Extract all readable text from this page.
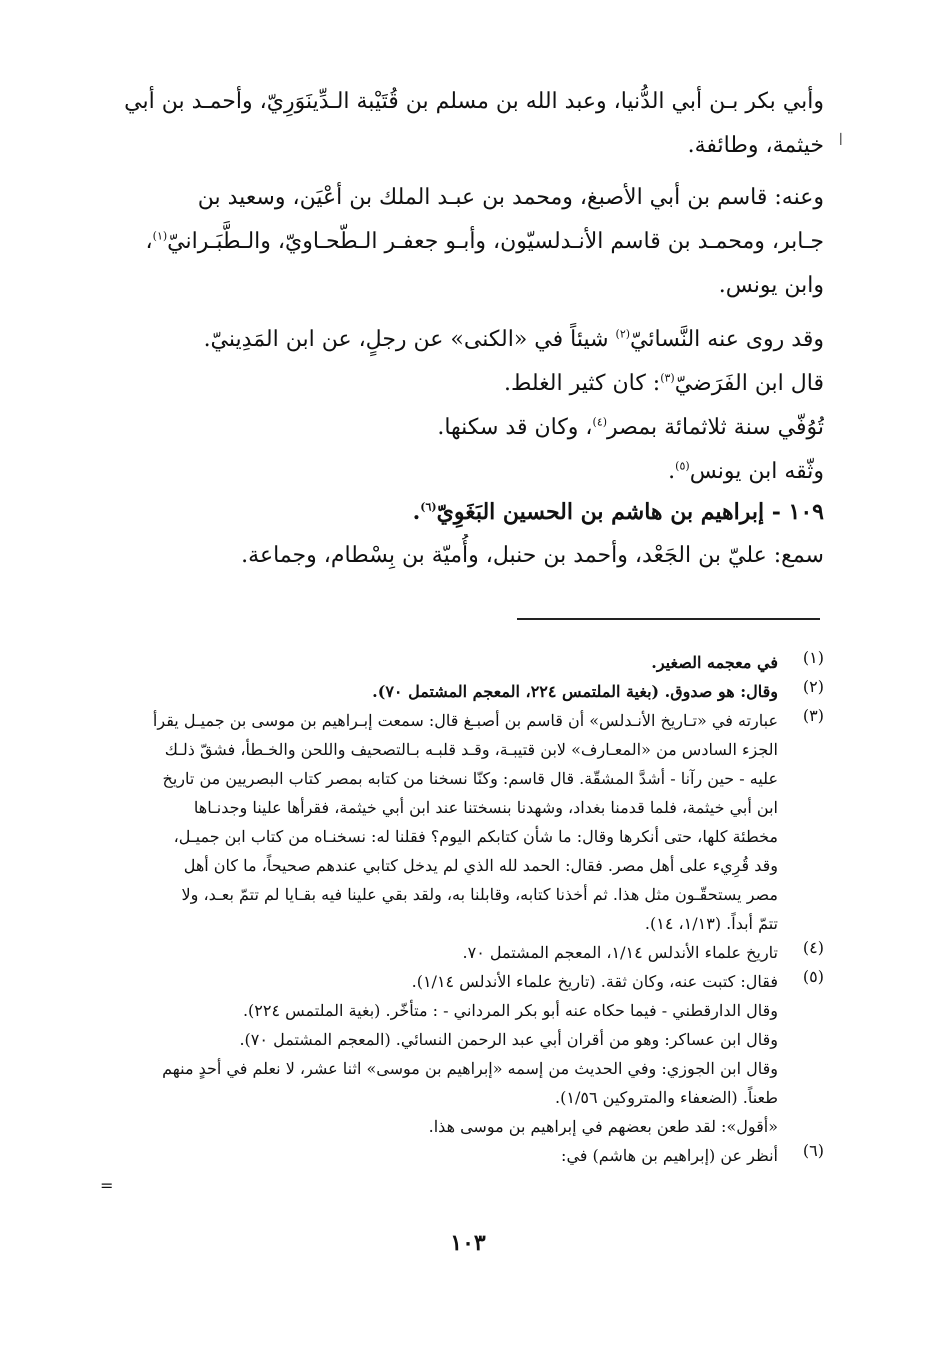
وأبي بكر بـن أبي الدُّنيا، وعبد الله بن مسلم بن قُتَيْبة الـدِّينَوَرِيّ، وأحمـد بن أبي
خيثمة، وطائفة. ا
وعنه: قاسم بن أبي الأصبغ، ومحمد بن عبـد الملك بن أعْيَن، وسعيد بن
جـابر، ومحمـد بن قاسم الأنـدلسيّون، وأبـو جعفـر الـطّحـاويّ، والـطَّبَـرانيّ$^{(١)}$،
وابن يونس.
وقد روى عنه النَّسائيّ$^{(٢)}$ شيئاً في «الكنى» عن رجلٍ، عن ابن المَدِينيّ.
قال ابن الفَرَضيّ$^{(٣)}$: كان كثير الغلط.
تُوُفّي سنة ثلاثمائة بمصر$^{(٤)}$، وكان قد سكنها.
وثّقه ابن يونس$^{(٥)}$.
١٠٩ - إبراهيم بن هاشم بن الحسين البَغَوِيّ$^{(٦)}$.
سمع: عليّ بن الجَعْد، وأحمد بن حنبل، وأُميّة بن بِسْطام، وجماعة.
(١)
في معجمه الصغير.
(٢)
وقال: هو صدوق. (بغية الملتمس ٢٢٤، المعجم المشتمل ٧٠).
(٣)
عبارته في «تـاريخ الأنـدلس» أن قاسم بن أصبـغ قال: سمعت إبـراهيم بن موسى بن جميـل يقرأ
الجزء السادس من «المعـارف» لابن قتيبـة، وقـد قلبـه بـالتصحيف واللحن والخـطأ، فشقّ ذلـك
عليه - حين رآنا - أشدَّ المشقّة. قال قاسم: وكنّا نسخنا من كتابه بمصر كتاب البصريين من تاريخ
ابن أبي خيثمة، فلما قدمنا بغداد، وشهدنا بنسختنا عند ابن أبي خيثمة، فقرأها علينا وجدنـاها
مخطئة كلها، حتى أنكرها وقال: ما شأن كتابكم اليوم؟ فقلنا له: نسخنـاه من كتاب ابن جميـل،
وقد قُرِيء على أهل مصر. فقال: الحمد لله الذي لم يدخل كتابي عندهم صحيحاً، ما كان أهل
مصر يستحقّـون مثل هذا. ثم أخذنا كتابه، وقابلنا به، ولقد بقي علينا فيه بقـايا لم تتمّ بعـد، ولا
تتمّ أبداً. (١/١٣، ١٤).
(٤)
تاريخ علماء الأندلس ١/١٤، المعجم المشتمل ٧٠.
(٥)
فقال: كتبت عنه، وكان ثقة. (تاريخ علماء الأندلس ١/١٤).
وقال الدارقطني - فيما حكاه عنه أبو بكر المرداني - : متأخّر. (بغية الملتمس ٢٢٤).
وقال ابن عساكر: وهو من أقران أبي عبد الرحمن النسائي. (المعجم المشتمل ٧٠).
وقال ابن الجوزي: وفي الحديث من إسمه «إبراهيم بن موسى» اثنا عشر، لا نعلم في أحدٍ منهم
طعناً. (الضعفاء والمتروكين ١/٥٦).
«أقول»: لقد طعن بعضهم في إبراهيم بن موسى هذا.
(٦)
أنظر عن (إبراهيم بن هاشم) في:
=
١٠٣
